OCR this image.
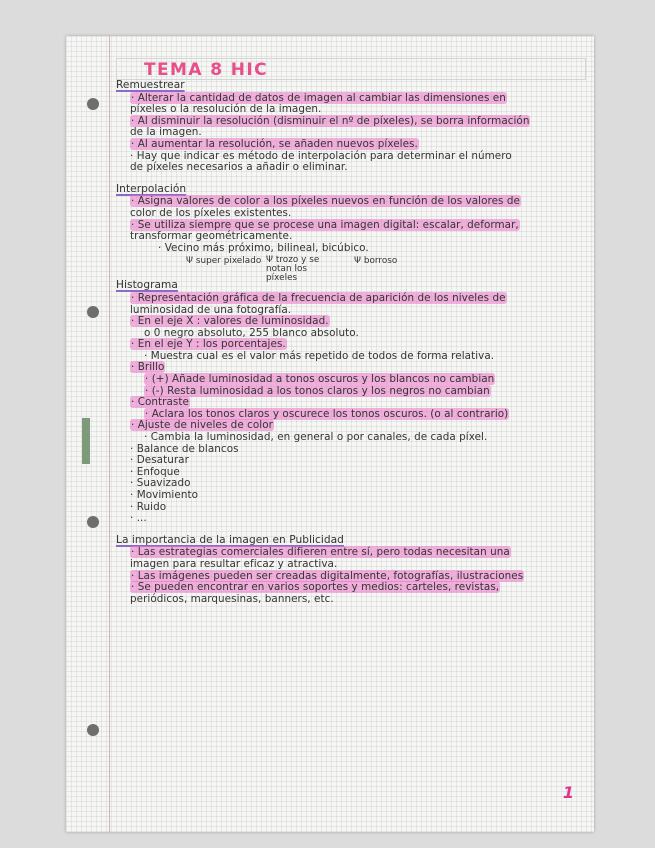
TEMA 8 HIC
Remuestrear
· Alterar la cantidad de datos de imagen al cambiar las dimensiones en
píxeles o la resolución de la imagen.
· Al disminuir la resolución (disminuir el nº de píxeles), se borra información
de la imagen.
· Al aumentar la resolución, se añaden nuevos píxeles.
· Hay que indicar es método de interpolación para determinar el número
de píxeles necesarios a añadir o eliminar.
Interpolación
· Asigna valores de color a los píxeles nuevos en función de los valores de
color de los píxeles existentes.
· Se utiliza siempre que se procese una imagen digital: escalar, deformar,
transformar geométricamente.
· Vecino más próximo, bilineal, bicúbico.
Ψ super pixelado Ψ trozo y se notan los píxeles
Ψ borroso
Histograma
· Representación gráfica de la frecuencia de aparición de los niveles de
luminosidad de una fotografía.
· En el eje X : valores de luminosidad.
o 0 negro absoluto, 255 blanco absoluto.
· En el eje Y : los porcentajes.
· Muestra cual es el valor más repetido de todos de forma relativa.
· Brillo
· (+) Añade luminosidad a tonos oscuros y los blancos no cambian
· (-) Resta luminosidad a los tonos claros y los negros no cambian
· Contraste
· Aclara los tonos claros y oscurece los tonos oscuros. (o al contrario)
· Ajuste de niveles de color
· Cambia la luminosidad, en general o por canales, de cada píxel.
· Balance de blancos
· Desaturar
· Enfoque
· Suavizado
· Movimiento
· Ruido
· ...
La importancia de la imagen en Publicidad
· Las estrategias comerciales difieren entre sí, pero todas necesitan una
imagen para resultar eficaz y atractiva.
· Las imágenes pueden ser creadas digitalmente, fotografías, ilustraciones
· Se pueden encontrar en varios soportes y medios: carteles, revistas,
periódicos, marquesinas, banners, etc.
1
